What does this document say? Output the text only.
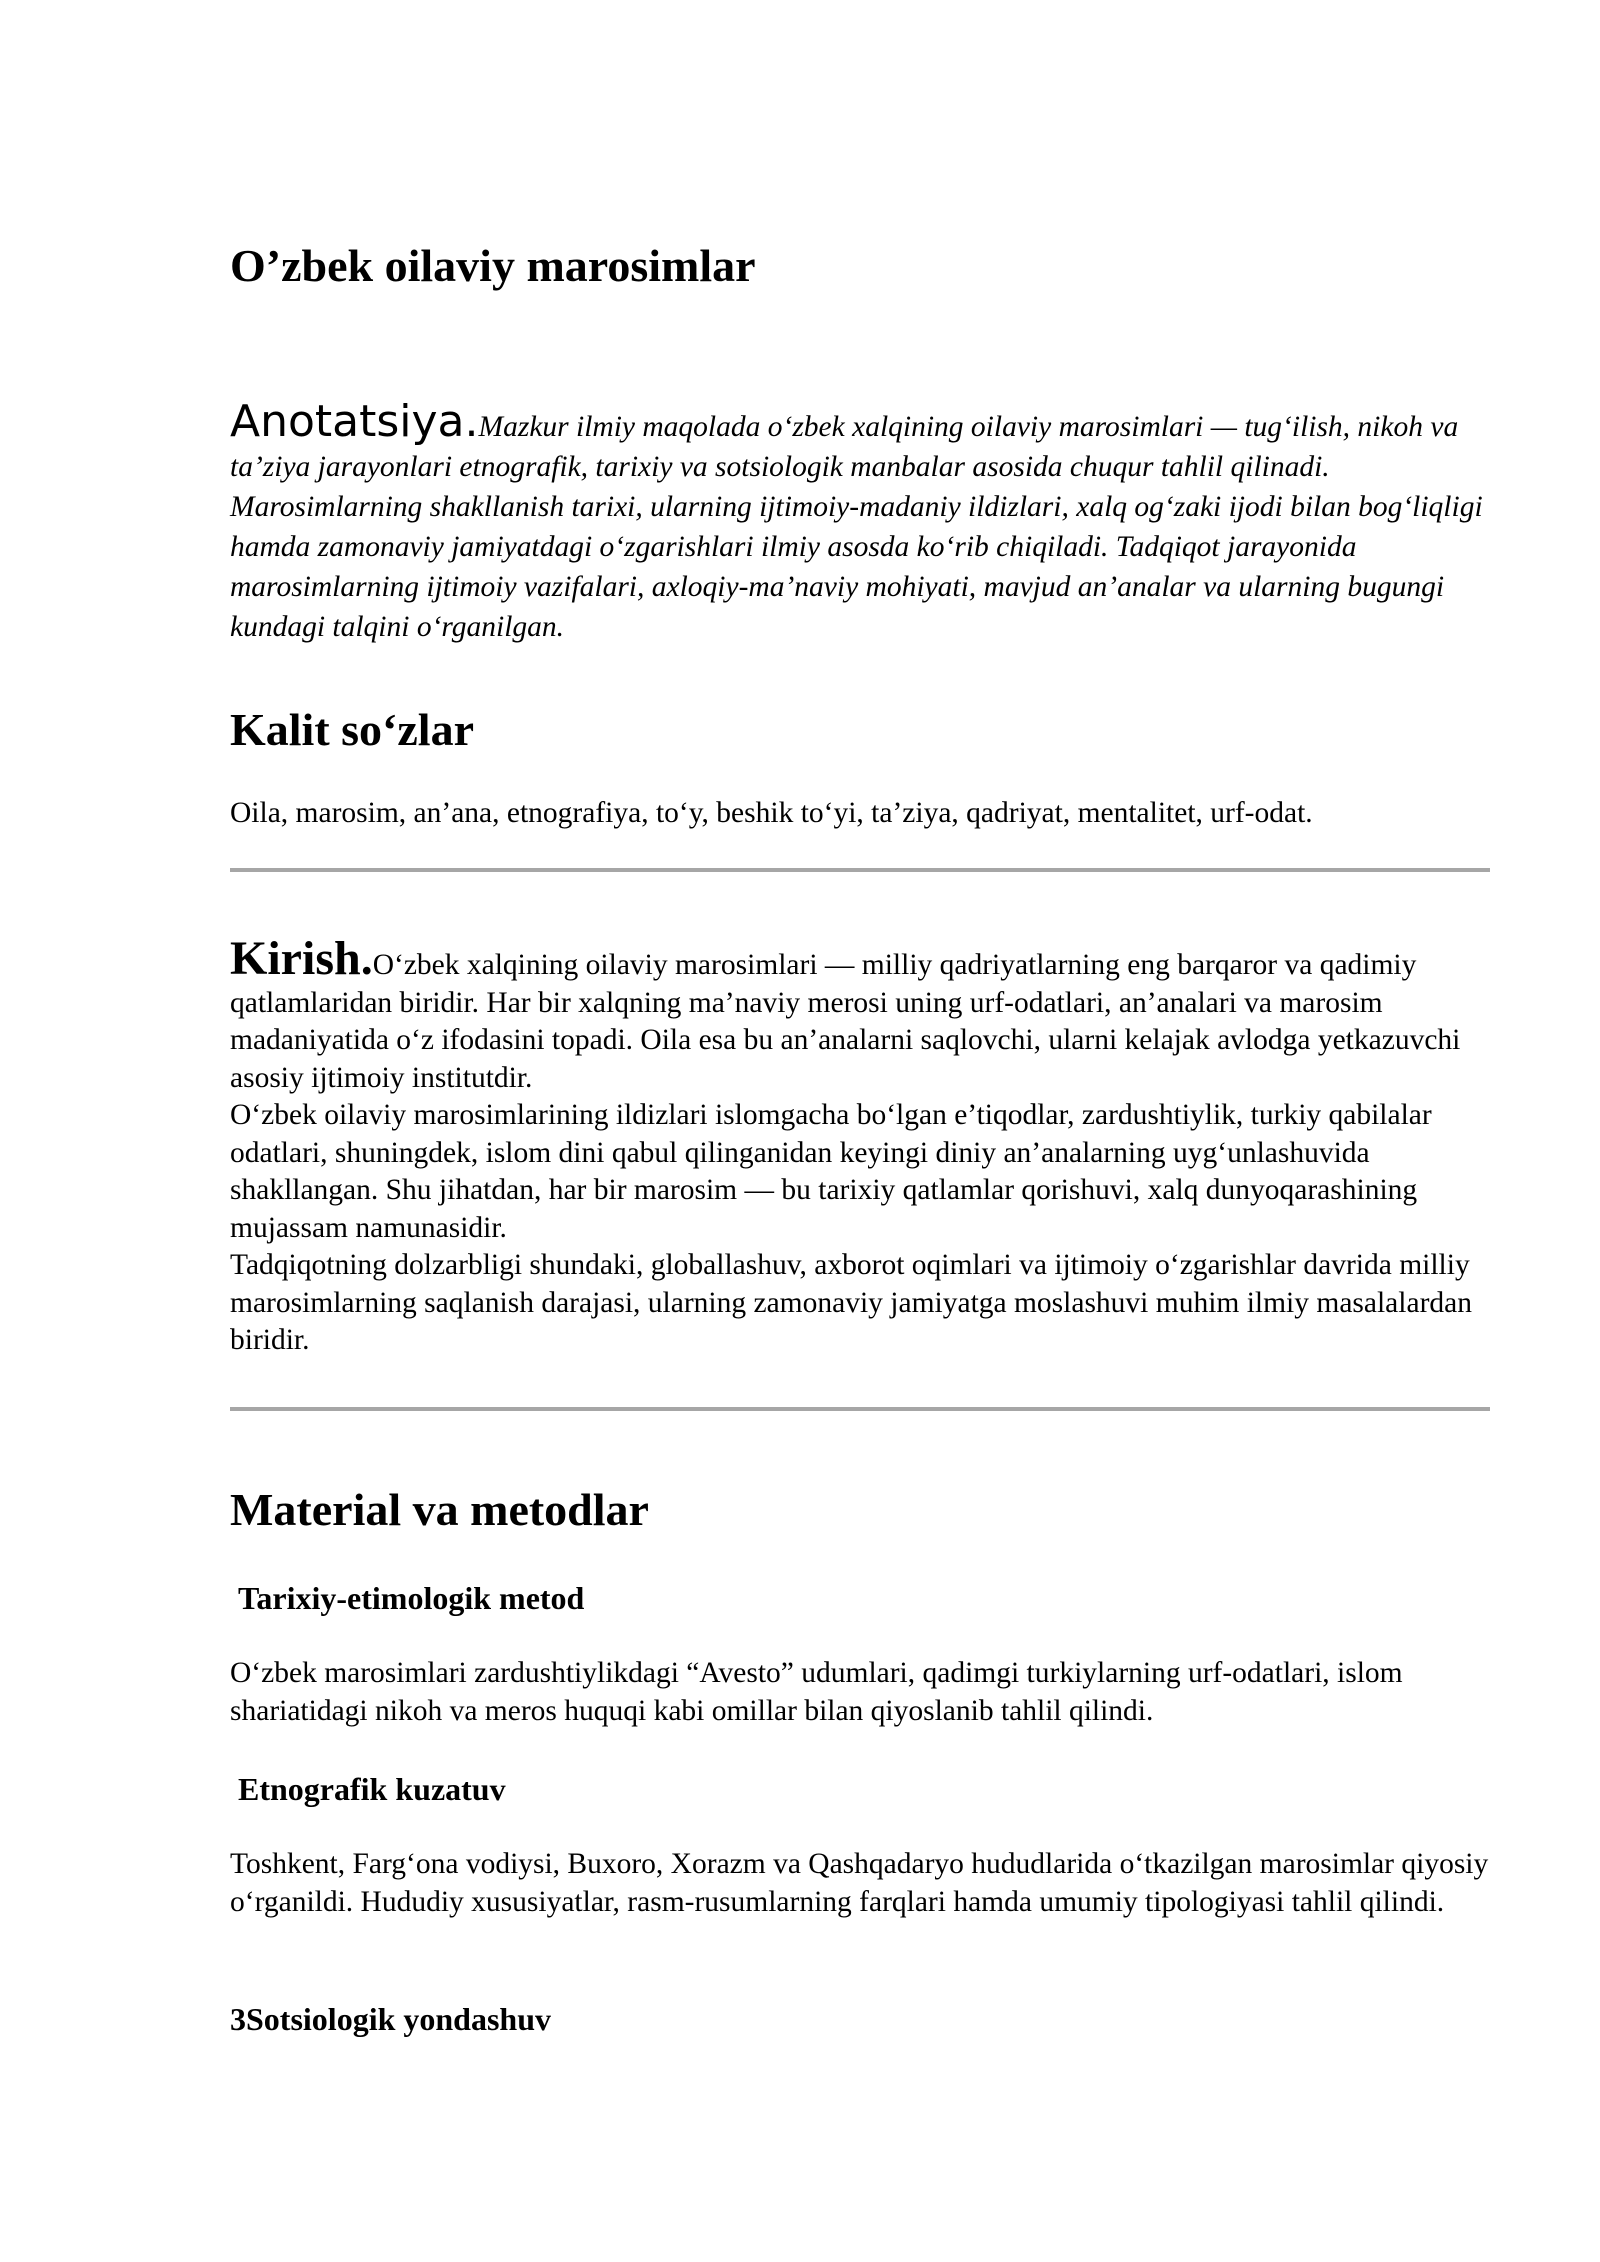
O’zbek oilaviy marosimlar

Anotatsiya.Mazkur ilmiy maqolada o‘zbek xalqining oilaviy marosimlari — tug‘ilish, nikoh va ta’ziya jarayonlari etnografik, tarixiy va sotsiologik manbalar asosida chuqur tahlil qilinadi. Marosimlarning shakllanish tarixi, ularning ijtimoiy-madaniy ildizlari, xalq og‘zaki ijodi bilan bog‘liqligi hamda zamonaviy jamiyatdagi o‘zgarishlari ilmiy asosda ko‘rib chiqiladi. Tadqiqot jarayonida marosimlarning ijtimoiy vazifalari, axloqiy-ma’naviy mohiyati, mavjud an’analar va ularning bugungi kundagi talqini o‘rganilgan.

Kalit so‘zlar

Oila, marosim, an’ana, etnografiya, to‘y, beshik to‘yi, ta’ziya, qadriyat, mentalitet, urf-odat.

Kirish.O‘zbek xalqining oilaviy marosimlari — milliy qadriyatlarning eng barqaror va qadimiy qatlamlaridan biridir. Har bir xalqning ma’naviy merosi uning urf-odatlari, an’analari va marosim madaniyatida o‘z ifodasini topadi. Oila esa bu an’analarni saqlovchi, ularni kelajak avlodga yetkazuvchi asosiy ijtimoiy institutdir.

O‘zbek oilaviy marosimlarining ildizlari islomgacha bo‘lgan e’tiqodlar, zardushtiylik, turkiy qabilalar odatlari, shuningdek, islom dini qabul qilinganidan keyingi diniy an’analarning uyg‘unlashuvida shakllangan. Shu jihatdan, har bir marosim — bu tarixiy qatlamlar qorishuvi, xalq dunyoqarashining mujassam namunasidir.

Tadqiqotning dolzarbligi shundaki, globallashuv, axborot oqimlari va ijtimoiy o‘zgarishlar davrida milliy marosimlarning saqlanish darajasi, ularning zamonaviy jamiyatga moslashuvi muhim ilmiy masalalardan biridir.

Material va metodlar
Tarixiy-etimologik metod

O‘zbek marosimlari zardushtiylikdagi “Avesto” udumlari, qadimgi turkiylarning urf-odatlari, islom shariatidagi nikoh va meros huquqi kabi omillar bilan qiyoslanib tahlil qilindi.

Etnografik kuzatuv

Toshkent, Farg‘ona vodiysi, Buxoro, Xorazm va Qashqadaryo hududlarida o‘tkazilgan marosimlar qiyosiy o‘rganildi. Hududiy xususiyatlar, rasm-rusumlarning farqlari hamda umumiy tipologiyasi tahlil qilindi.

3Sotsiologik yondashuv
